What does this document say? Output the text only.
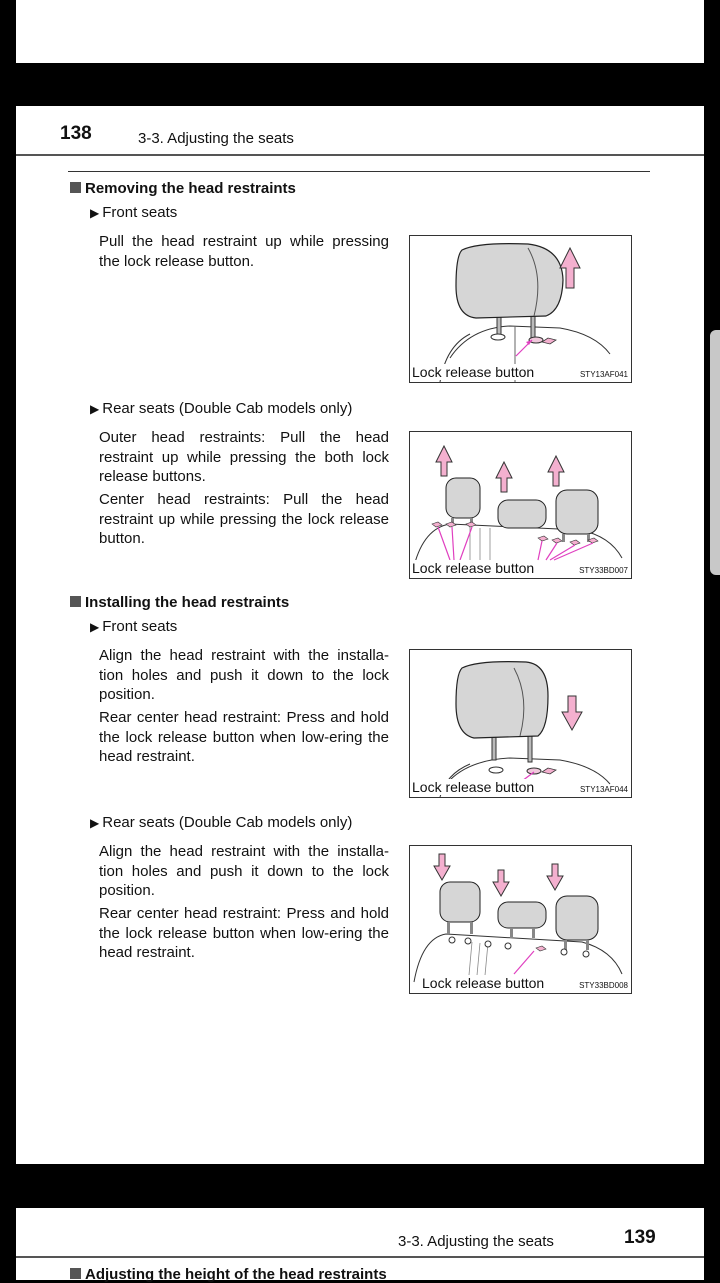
138	3-3. Adjusting the seats
Removing the head restraints
▶ Front seats
Pull the head restraint up while pressing the lock release button.
Lock release button	STY13AF041
▶ Rear seats (Double Cab models only)
Outer head restraints: Pull the head restraint up while pressing the both lock release buttons.
Center head restraints: Pull the head restraint up while pressing the lock release button.
Lock release button	STY33BD007
Installing the head restraints
▶ Front seats
Align the head restraint with the installa-tion holes and push it down to the lock position.
Rear center head restraint: Press and hold the lock release button when low-ering the head restraint.
Lock release button	STY13AF044
▶ Rear seats (Double Cab models only)
Align the head restraint with the installa-tion holes and push it down to the lock position.
Rear center head restraint: Press and hold the lock release button when low-ering the head restraint.
Lock release button	STY33BD008
3-3. Adjusting the seats	139
Adjusting the height of the head restraints
